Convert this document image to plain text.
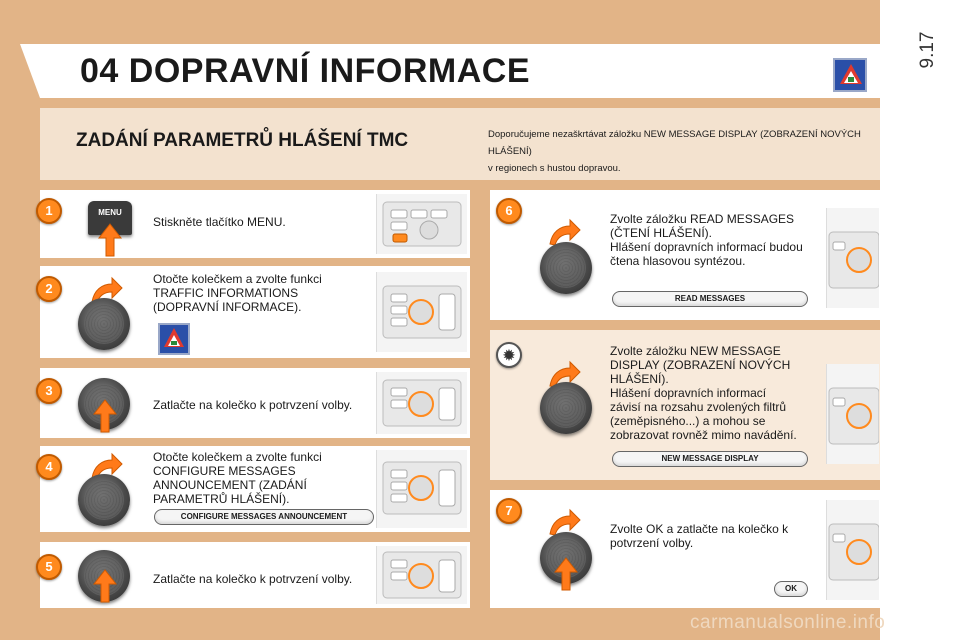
9.17
04 DOPRAVNÍ INFORMACE
ZADÁNÍ PARAMETRŮ HLÁŠENÍ TMC	Doporučujeme nezaškrtávat záložku NEW MESSAGE DISPLAY (ZOBRAZENÍ NOVÝCH HLÁŠENÍ)
v regionech s hustou dopravou.
1	MENU
Stiskněte tlačítko MENU.
2
Otočte kolečkem a zvolte funkci
TRAFFIC INFORMATIONS
(DOPRAVNÍ INFORMACE).
3
Zatlačte na kolečko k potrvzení volby.
4
Otočte kolečkem a zvolte funkci
CONFIGURE MESSAGES
ANNOUNCEMENT (ZADÁNÍ
PARAMETRŮ HLÁŠENÍ).
CONFIGURE MESSAGES ANNOUNCEMENT
5
Zatlačte na kolečko k potrvzení volby.
6
Zvolte záložku READ MESSAGES
(ČTENÍ HLÁŠENÍ).
Hlášení dopravních informací budou
čtena hlasovou syntézou.
READ MESSAGES
✹	Zvolte záložku NEW MESSAGE
DISPLAY (ZOBRAZENÍ NOVÝCH
HLÁŠENÍ).
Hlášení dopravních informací
závisí na rozsahu zvolených filtrů
(zeměpisného...) a mohou se
zobrazovat rovněž mimo navádění.
NEW MESSAGE DISPLAY
7
Zvolte OK a zatlačte na kolečko k
potvrzení volby.
OK
carmanualsonline.info
